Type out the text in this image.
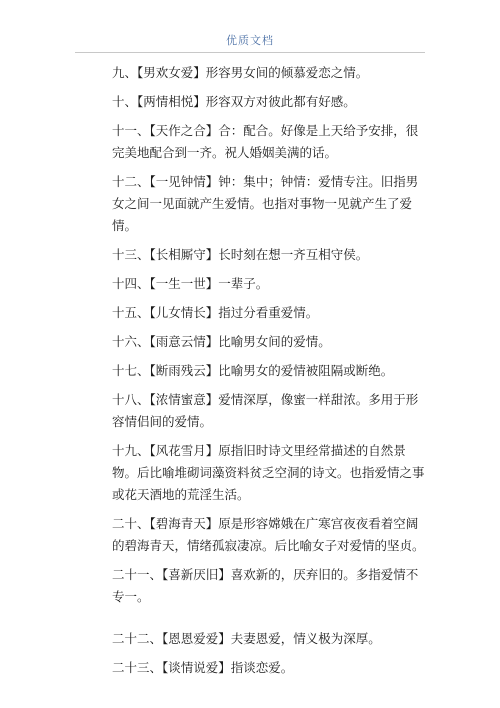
优质文档

九、【男欢女爱】形容男女间的倾慕爱恋之情。

十、【两情相悦】形容双方对彼此都有好感。

十一、【天作之合】合：配合。好像是上天给予安排，很完美地配合到一齐。祝人婚姻美满的话。

十二、【一见钟情】钟：集中；钟情：爱情专注。旧指男女之间一见面就产生爱情。也指对事物一见就产生了爱情。

十三、【长相厮守】长时刻在想一齐互相守侯。

十四、【一生一世】一辈子。

十五、【儿女情长】指过分看重爱情。

十六、【雨意云情】比喻男女间的爱情。

十七、【断雨残云】比喻男女的爱情被阻隔或断绝。

十八、【浓情蜜意】爱情深厚，像蜜一样甜浓。多用于形容情侣间的爱情。

十九、【风花雪月】原指旧时诗文里经常描述的自然景物。后比喻堆砌词藻资料贫乏空洞的诗文。也指爱情之事或花天酒地的荒淫生活。

二十、【碧海青天】原是形容嫦娥在广寒宫夜夜看着空阔的碧海青天，情绪孤寂凄凉。后比喻女子对爱情的坚贞。

二十一、【喜新厌旧】喜欢新的，厌弃旧的。多指爱情不专一。

二十二、【恩恩爱爱】夫妻恩爱，情义极为深厚。

二十三、【谈情说爱】指谈恋爱。
